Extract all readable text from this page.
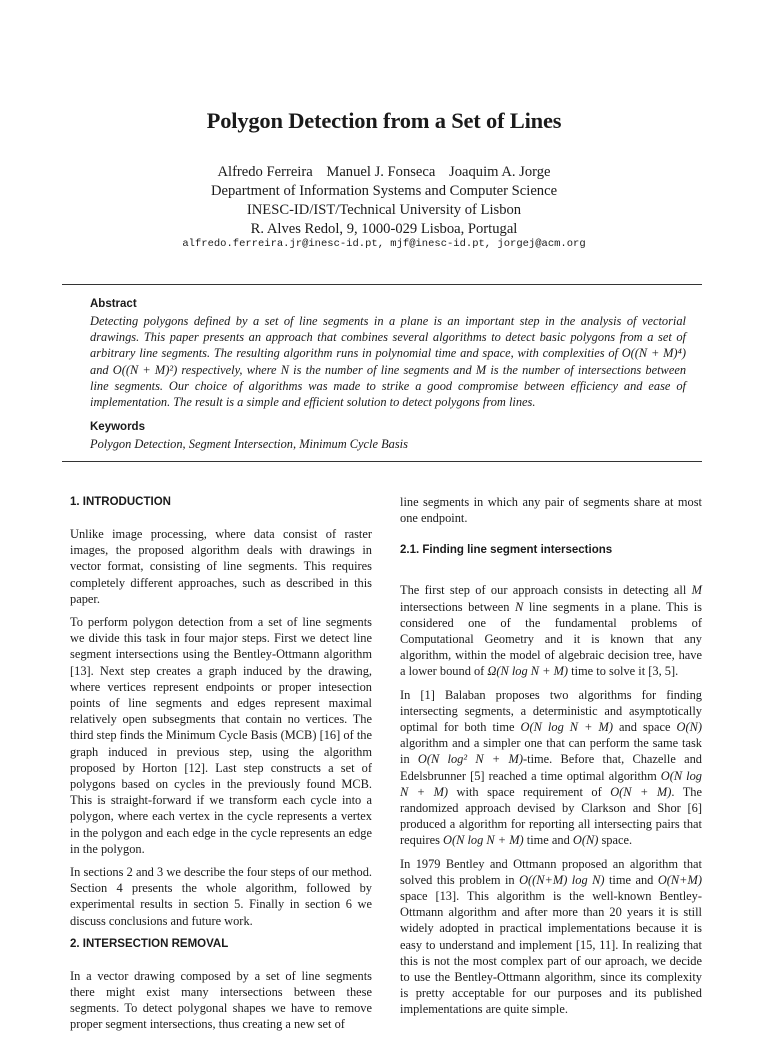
Polygon Detection from a Set of Lines
Alfredo Ferreira Manuel J. Fonseca Joaquim A. Jorge
Department of Information Systems and Computer Science
INESC-ID/IST/Technical University of Lisbon
R. Alves Redol, 9, 1000-029 Lisboa, Portugal
alfredo.ferreira.jr@inesc-id.pt, mjf@inesc-id.pt, jorgej@acm.org
Abstract
Detecting polygons defined by a set of line segments in a plane is an important step in the analysis of vectorial drawings. This paper presents an approach that combines several algorithms to detect basic polygons from a set of arbitrary line segments. The resulting algorithm runs in polynomial time and space, with complexities of O((N + M)⁴) and O((N + M)²) respectively, where N is the number of line segments and M is the number of intersections between line segments. Our choice of algorithms was made to strike a good compromise between efficiency and ease of implementation. The result is a simple and efficient solution to detect polygons from lines.
Keywords
Polygon Detection, Segment Intersection, Minimum Cycle Basis
1. INTRODUCTION

Unlike image processing, where data consist of raster images, the proposed algorithm deals with drawings in vector format, consisting of line segments. This requires completely different approaches, such as described in this paper.

To perform polygon detection from a set of line segments we divide this task in four major steps. First we detect line segment intersections using the Bentley-Ottmann algorithm [13]. Next step creates a graph induced by the drawing, where vertices represent endpoints or proper intesection points of line segments and edges represent maximal relatively open subsegments that contain no vertices. The third step finds the Minimum Cycle Basis (MCB) [16] of the graph induced in previous step, using the algorithm proposed by Horton [12]. Last step constructs a set of polygons based on cycles in the previously found MCB. This is straight-forward if we transform each cycle into a polygon, where each vertex in the cycle represents a vertex in the polygon and each edge in the cycle represents an edge in the polygon.

In sections 2 and 3 we describe the four steps of our method. Section 4 presents the whole algorithm, followed by experimental results in section 5. Finally in section 6 we discuss conclusions and future work.

2. INTERSECTION REMOVAL

In a vector drawing composed by a set of line segments there might exist many intersections between these segments. To detect polygonal shapes we have to remove proper segment intersections, thus creating a new set of

line segments in which any pair of segments share at most one endpoint.

2.1. Finding line segment intersections

The first step of our approach consists in detecting all M intersections between N line segments in a plane. This is considered one of the fundamental problems of Computational Geometry and it is known that any algorithm, within the model of algebraic decision tree, have a lower bound of Ω(N log N + M) time to solve it [3, 5].

In [1] Balaban proposes two algorithms for finding intersecting segments, a deterministic and asymptotically optimal for both time O(N log N + M) and space O(N) algorithm and a simpler one that can perform the same task in O(N log² N + M)-time. Before that, Chazelle and Edelsbrunner [5] reached a time optimal algorithm O(N log N + M) with space requirement of O(N + M). The randomized approach devised by Clarkson and Shor [6] produced a algorithm for reporting all intersecting pairs that requires O(N log N + M) time and O(N) space.

In 1979 Bentley and Ottmann proposed an algorithm that solved this problem in O((N+M) log N) time and O(N+M) space [13]. This algorithm is the well-known Bentley-Ottmann algorithm and after more than 20 years it is still widely adopted in practical implementations because it is easy to understand and implement [15, 11]. In realizing that this is not the most complex part of our aproach, we decide to use the Bentley-Ottmann algorithm, since its complexity is pretty acceptable for our purposes and its published implementations are quite simple.
